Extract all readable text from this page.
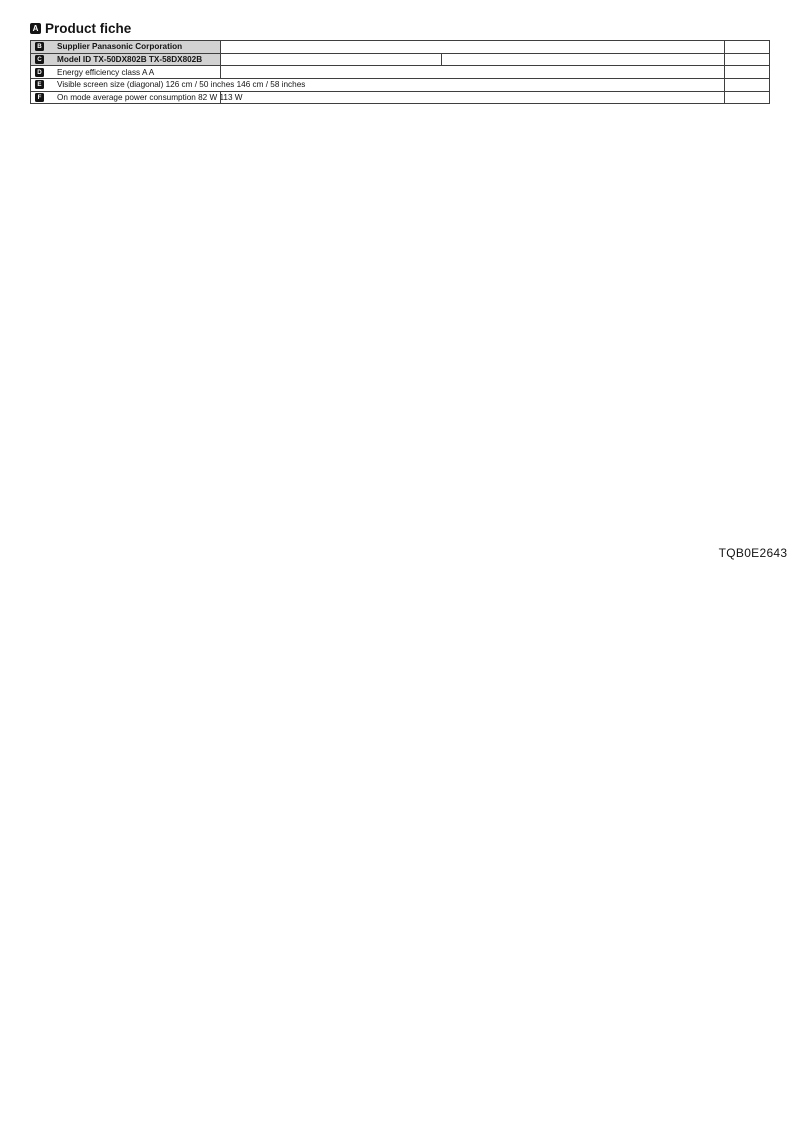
A Product fiche
B Supplier Panasonic Corporation
C Model ID TX-50DX802B TX-58DX802B
D Energy efficiency class A A
E Visible screen size (diagonal) 126 cm / 50 inches 146 cm / 58 inches
F	On mode average power consumption 82 W 113 W
TQB0E2643
